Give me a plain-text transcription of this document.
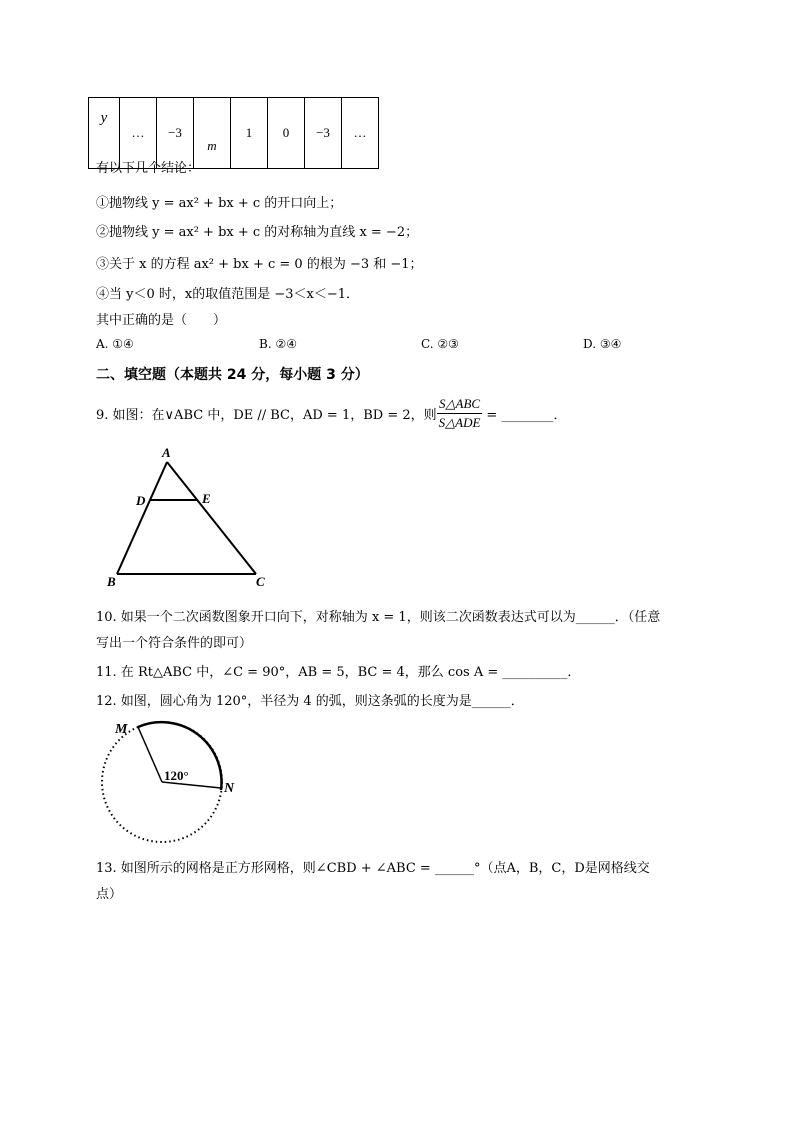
y	…	−3	m	1	0	−3	…
有以下几个结论：
①抛物线 y = ax² + bx + c 的开口向上；
②抛物线 y = ax² + bx + c 的对称轴为直线 x = −2；
③关于 x 的方程 ax² + bx + c = 0 的根为 −3 和 −1；
④当 y＜0 时，x的取值范围是 −3＜x＜−1．
其中正确的是（　　）
A. ①④	B. ②④	C. ②③	D. ③④
二、填空题（本题共 24 分，每小题 3 分）
9. 如图：在∨ABC 中，DE // BC，AD = 1，BD = 2，则 $\frac{\text{S△ABC}}{\text{S△ADE}}$ = ________．
A
D	E
B	C
10. 如果一个二次函数图象开口向下，对称轴为 x = 1，则该二次函数表达式可以为______．（任意
写出一个符合条件的即可）
11. 在 Rt△ABC 中，∠C = 90°，AB = 5，BC = 4，那么 cos A = __________．
12. 如图，圆心角为 120°，半径为 4 的弧，则这条弧的长度为是______．
M
N
120°
13. 如图所示的网格是正方形网格，则∠CBD + ∠ABC = ______°（点A，B，C，D是网格线交
点）
